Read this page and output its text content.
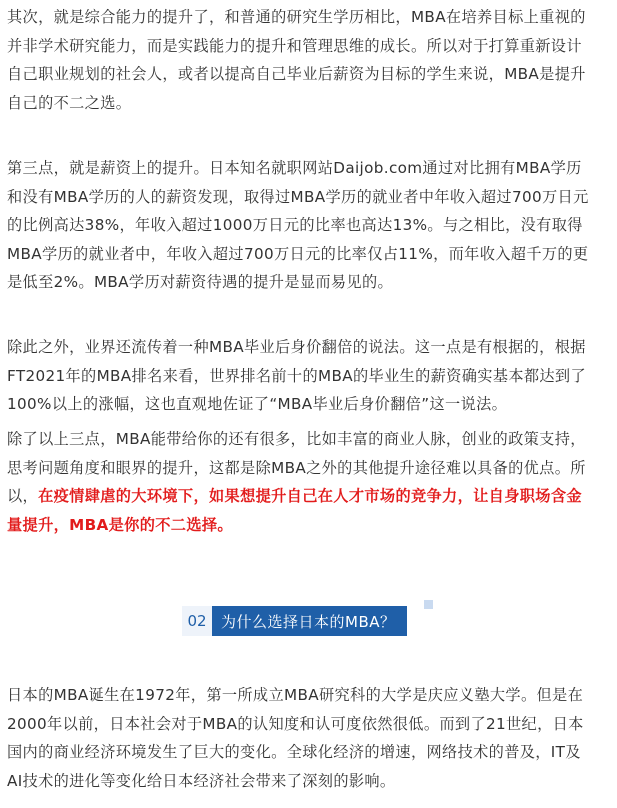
其次，就是综合能力的提升了，和普通的研究生学历相比，MBA在培养目标上重视的
并非学术研究能力，而是实践能力的提升和管理思维的成长。所以对于打算重新设计
自己职业规划的社会人，或者以提高自己毕业后薪资为目标的学生来说，MBA是提升
自己的不二之选。

第三点，就是薪资上的提升。日本知名就职网站Daijob.com通过对比拥有MBA学历
和没有MBA学历的人的薪资发现，取得过MBA学历的就业者中年收入超过700万日元
的比例高达38%，年收入超过1000万日元的比率也高达13%。与之相比，没有取得
MBA学历的就业者中，年收入超过700万日元的比率仅占11%，而年收入超千万的更
是低至2%。MBA学历对薪资待遇的提升是显而易见的。

除此之外，业界还流传着一种MBA毕业后身价翻倍的说法。这一点是有根据的，根据
FT2021年的MBA排名来看，世界排名前十的MBA的毕业生的薪资确实基本都达到了
100%以上的涨幅，这也直观地佐证了“MBA毕业后身价翻倍”这一说法。

除了以上三点，MBA能带给你的还有很多，比如丰富的商业人脉，创业的政策支持，
思考问题角度和眼界的提升，这都是除MBA之外的其他提升途径难以具备的优点。所
以，在疫情肆虐的大环境下，如果想提升自己在人才市场的竞争力，让自身职场含金
量提升，MBA是你的不二选择。

02 为什么选择日本的MBA？

日本的MBA诞生在1972年，第一所成立MBA研究科的大学是庆应义塾大学。但是在
2000年以前，日本社会对于MBA的认知度和认可度依然很低。而到了21世纪，日本
国内的商业经济环境发生了巨大的变化。全球化经济的增速，网络技术的普及，IT及
AI技术的进化等变化给日本经济社会带来了深刻的影响。
